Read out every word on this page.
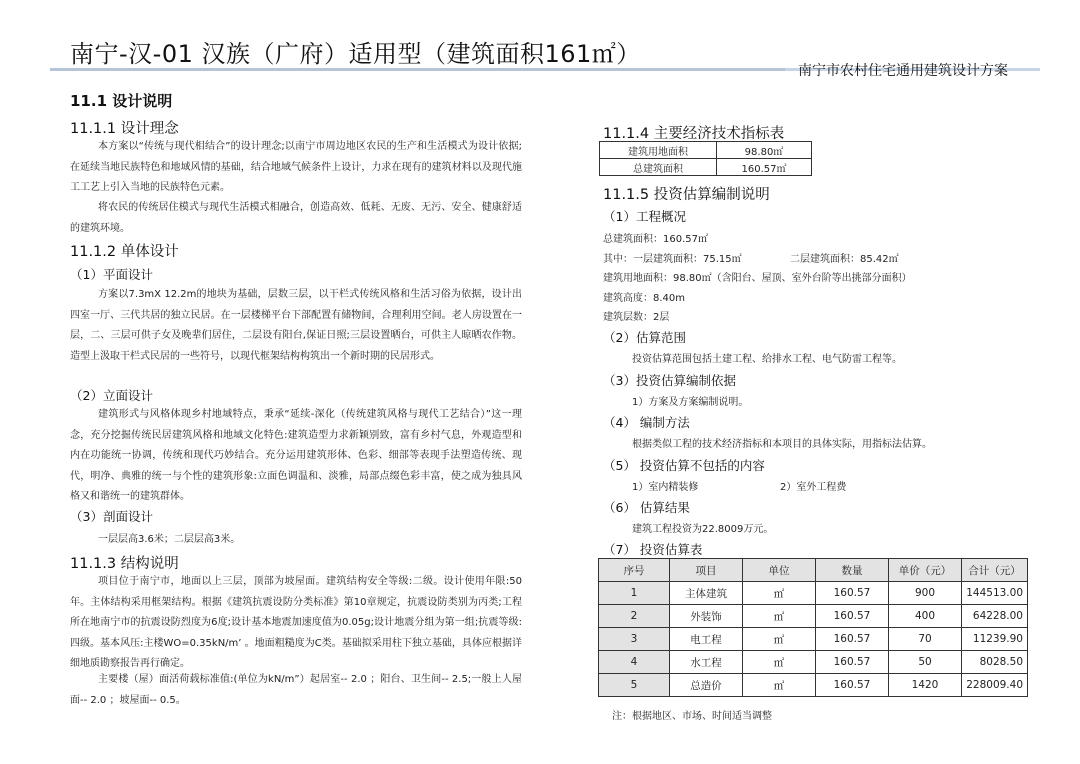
南宁-汉-01 汉族（广府）适用型（建筑面积161㎡）
南宁市农村住宅通用建筑设计方案
11.1 设计说明
11.1.1 设计理念
本方案以“传统与现代相结合”的设计理念;以南宁市周边地区农民的生产和生活模式为设计依据;在延续当地民族特色和地域风情的基础，结合地域气候条件上设计，力求在现有的建筑材料以及现代施工工艺上引入当地的民族特色元素。
将农民的传统居住模式与现代生活模式相融合，创造高效、低耗、无废、无污、安全、健康舒适的建筑环境。
11.1.2 单体设计
（1）平面设计
方案以7.3mX 12.2m的地块为基础，层数三层，以干栏式传统风格和生活习俗为依据，设计出四室一厅、三代共居的独立民居。在一层楼梯平台下部配置有储物间，合理利用空间。老人房设置在一层，二、三层可供子女及晚辈们居住，二层设有阳台,保证日照;三层设置晒台，可供主人晾晒农作物。造型上汲取干栏式民居的一些符号，以现代框架结构构筑出一个新时期的民居形式。
（2）立面设计
建筑形式与风格体现乡村地域特点，秉承“延续-深化（传统建筑风格与现代工艺结合）”这一理念，充分挖掘传统民居建筑风格和地域文化特色:建筑造型力求新颖别致，富有乡村气息，外观造型和内在功能统一协调，传统和现代巧妙结合。充分运用建筑形体、色彩、细部等表现手法塑造传统、现代，明净、典雅的统一与个性的建筑形象:立面色调温和、淡雅，局部点缀色彩丰富，使之成为独具风格又和谐统一的建筑群体。
（3）剖面设计
一层层高3.6米；二层层高3米。
11.1.3 结构说明
项目位于南宁市，地面以上三层，顶部为坡屋面。建筑结构安全等级:二级。设计使用年限:50年。主体结构采用框架结构。根据《建筑抗震设防分类标准》第10章规定，抗震设防类别为丙类;工程所在地南宁市的抗震设防烈度为6度;设计基本地震加速度值为0.05g;设计地震分组为第一组;抗震等级:四级。基本风压:主楼WO=0.35kN/m’ 。地面粗糙度为C类。基础拟采用柱下独立基础，具体应根据详细地质勘察报告再行确定。
主要楼（屋）面活荷载标准值:(单位为kN/m”）起居室-- 2.0 ；阳台、卫生间-- 2.5;一般上人屋面-- 2.0 ；坡屋面-- 0.5。
11.1.4 主要经济技术指标表
建筑用地面积	98.80㎡
总建筑面积	160.57㎡
11.1.5 投资估算编制说明
（1）工程概况
总建筑面积：160.57㎡
其中：一层建筑面积：75.15㎡	二层建筑面积：85.42㎡
建筑用地面积：98.80㎡（含阳台、屋顶、室外台阶等出挑部分面积）
建筑高度：8.40m
建筑层数：2层
（2）估算范围
投资估算范围包括土建工程、给排水工程、电气防雷工程等。
（3）投资估算编制依据
1）方案及方案编制说明。
（4） 编制方法
根据类似工程的技术经济指标和本项目的具体实际，用指标法估算。
（5） 投资估算不包括的内容
1）室内精装修	2）室外工程费
（6） 估算结果
建筑工程投资为22.8009万元。
（7） 投资估算表
序号	项目	单位	数量	单价（元）	合计（元）
1	主体建筑	㎡	160.57	900	144513.00
2	外装饰	㎡	160.57	400	64228.00
3	电工程	㎡	160.57	70	11239.90
4	水工程	㎡	160.57	50	8028.50
5	总造价	㎡	160.57	1420	228009.40
注：根据地区、市场、时间适当调整
